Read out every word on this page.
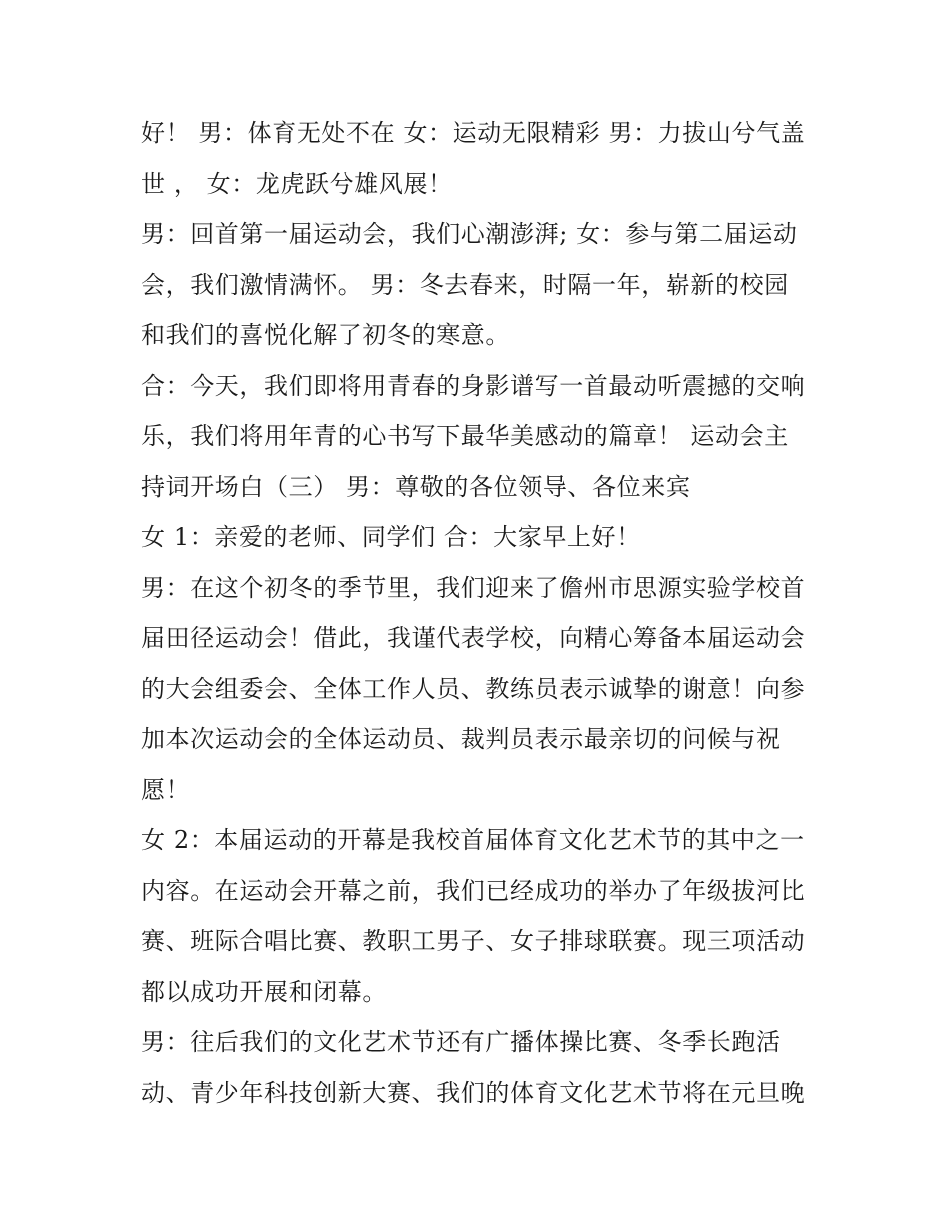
好！ 男：体育无处不在 女：运动无限精彩 男：力拔山兮气盖
世 ， 女：龙虎跃兮雄风展！

男：回首第一届运动会，我们心潮澎湃; 女：参与第二届运动
会，我们激情满怀。 男：冬去春来，时隔一年，崭新的校园
和我们的喜悦化解了初冬的寒意。

合：今天，我们即将用青春的身影谱写一首最动听震撼的交响
乐，我们将用年青的心书写下最华美感动的篇章！ 运动会主
持词开场白（三） 男：尊敬的各位领导、各位来宾

女 1：亲爱的老师、同学们 合：大家早上好！

男：在这个初冬的季节里，我们迎来了儋州市思源实验学校首
届田径运动会！借此，我谨代表学校，向精心筹备本届运动会
的大会组委会、全体工作人员、教练员表示诚挚的谢意！向参
加本次运动会的全体运动员、裁判员表示最亲切的问候与祝
愿！

女 2：本届运动的开幕是我校首届体育文化艺术节的其中之一
内容。在运动会开幕之前，我们已经成功的举办了年级拔河比
赛、班际合唱比赛、教职工男子、女子排球联赛。现三项活动
都以成功开展和闭幕。

男：往后我们的文化艺术节还有广播体操比赛、冬季长跑活
动、青少年科技创新大赛、我们的体育文化艺术节将在元旦晚
